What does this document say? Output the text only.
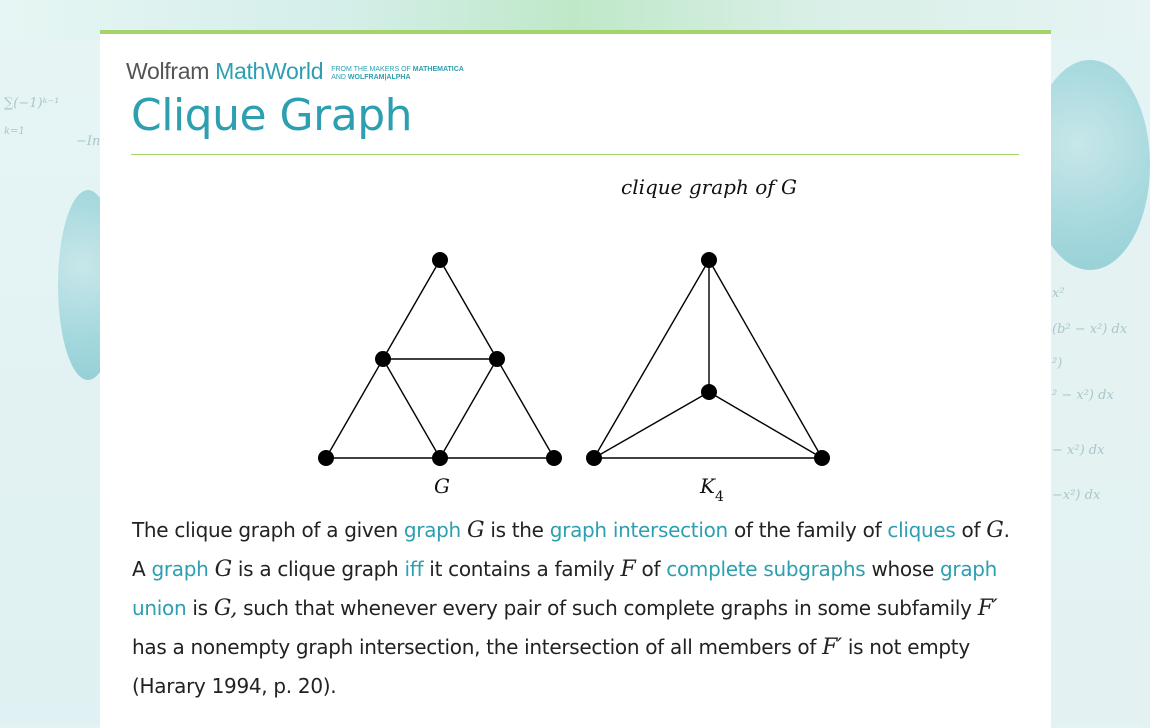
∑(−1)ᵏ⁻¹
k=1
−In
x²
(b² − x²) dx
²)
² − x²) dx
− x²) dx
−x²) dx
Wolfram MathWorld FROM THE MAKERS OF MATHEMATICA
AND WOLFRAM|ALPHA
Clique Graph
clique graph of G
G	$K_4$

The clique graph of a given graph G is the graph intersection of the family of cliques of G. A graph G is a clique graph iff it contains a family F of complete subgraphs whose graph union is G, such that whenever every pair of such complete graphs in some subfamily F′ has a nonempty graph intersection, the intersection of all members of F′ is not empty (Harary 1994, p. 20).
